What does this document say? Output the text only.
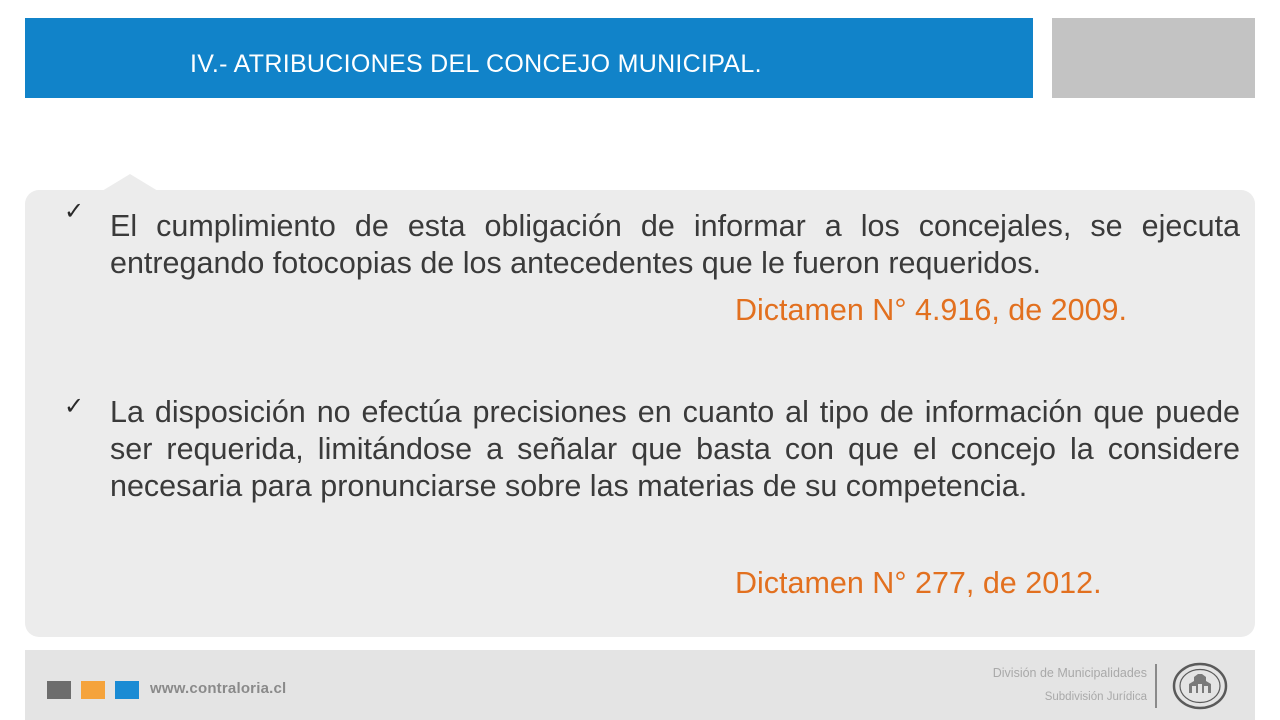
IV.- ATRIBUCIONES DEL CONCEJO MUNICIPAL.
✓ El cumplimiento de esta obligación de informar a los concejales, se ejecuta entregando fotocopias de los antecedentes que le fueron requeridos.
Dictamen N° 4.916, de 2009.
✓ La disposición no efectúa precisiones en cuanto al tipo de información que puede ser requerida, limitándose a señalar que basta con que el concejo la considere necesaria para pronunciarse sobre las materias de su competencia.
Dictamen N° 277, de 2012.
www.contraloria.cl
División de Municipalidades
Subdivisión Jurídica
